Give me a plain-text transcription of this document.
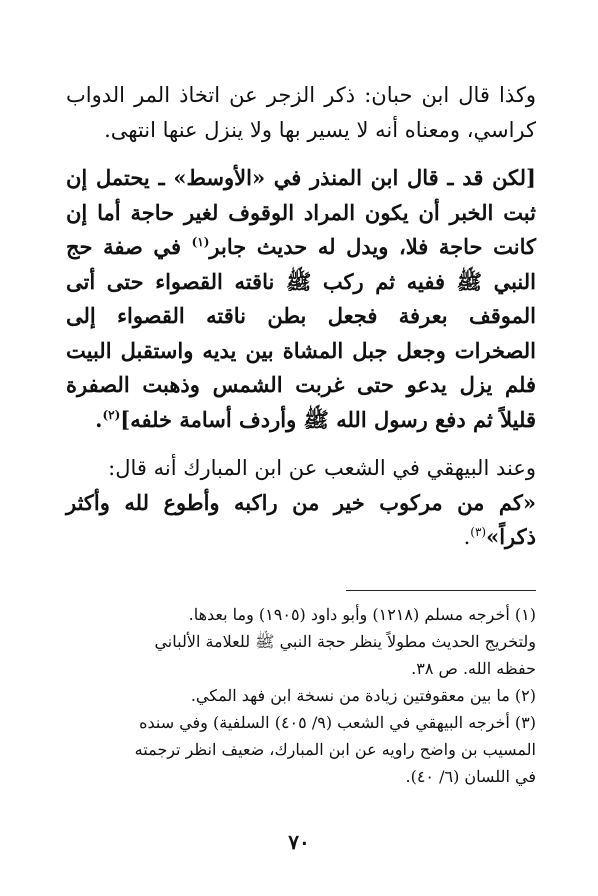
وكذا قال ابن حبان: ذكر الزجر عن اتخاذ المر الدواب كراسي، ومعناه أنه لا يسير بها ولا ينزل عنها انتهى.

[لكن قد ـ قال ابن المنذر في «الأوسط» ـ يحتمل إن ثبت الخبر أن يكون المراد الوقوف لغير حاجة أما إن كانت حاجة فلا، ويدل له حديث جابر$^{(١)}$ في صفة حج النبي ﷺ ففيه ثم ركب ﷺ ناقته القصواء حتى أتى الموقف بعرفة فجعل بطن ناقته القصواء إلى الصخرات وجعل جبل المشاة بين يديه واستقبل البيت فلم يزل يدعو حتى غربت الشمس وذهبت الصفرة قليلاً ثم دفع رسول الله ﷺ وأردف أسامة خلفه]$^{(٢)}$.

وعند البيهقي في الشعب عن ابن المبارك أنه قال:
«كم من مركوب خير من راكبه وأطوع لله وأكثر ذكراً»$^{(٣)}$.

(١) أخرجه مسلم (١٢١٨) وأبو داود (١٩٠٥) وما بعدها.

ولتخريج الحديث مطولاً ينظر حجة النبي ﷺ للعلامة الألباني

حفظه الله. ص ٣٨.

(٢) ما بين معقوفتين زيادة من نسخة ابن فهد المكي.

(٣) أخرجه البيهقي في الشعب (٩/ ٤٠٥) السلفية) وفي سنده

المسيب بن واضح راويه عن ابن المبارك، ضعيف انظر ترجمته

في اللسان (٦/ ٤٠).

٧٠
